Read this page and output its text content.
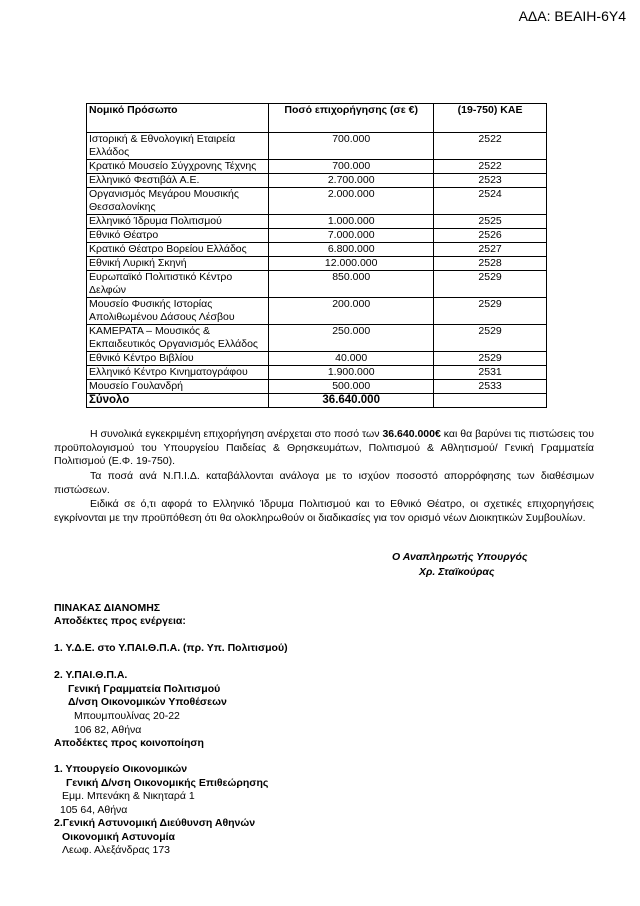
ΑΔΑ: ΒΕΑΙΗ-6Υ4
Νομικό Πρόσωπο	Ποσό επιχορήγησης (σε €)	(19-750) ΚΑΕ
Ιστορική & Εθνολογική Εταιρεία Ελλάδος	700.000	2522
Κρατικό Μουσείο Σύγχρονης Τέχνης	700.000	2522
Ελληνικό Φεστιβάλ Α.Ε.	2.700.000	2523
Οργανισμός Μεγάρου Μουσικής Θεσσαλονίκης	2.000.000	2524
Ελληνικό Ίδρυμα Πολιτισμού	1.000.000	2525
Εθνικό Θέατρο	7.000.000	2526
Κρατικό Θέατρο Βορείου Ελλάδος	6.800.000	2527
Εθνική Λυρική Σκηνή	12.000.000	2528
Ευρωπαϊκό Πολιτιστικό Κέντρο Δελφών	850.000	2529
Μουσείο Φυσικής Ιστορίας Απολιθωμένου Δάσους Λέσβου	200.000	2529
ΚΑΜΕΡΑΤΑ – Μουσικός & Εκπαιδευτικός Οργανισμός Ελλάδος	250.000	2529
Εθνικό Κέντρο Βιβλίου	40.000	2529
Ελληνικό Κέντρο Κινηματογράφου	1.900.000	2531
Μουσείο Γουλανδρή	500.000	2533
Σύνολο	36.640.000	
Η συνολικά εγκεκριμένη επιχορήγηση ανέρχεται στο ποσό των 36.640.000€ και θα βαρύνει τις πιστώσεις του προϋπολογισμού του Υπουργείου Παιδείας & Θρησκευμάτων, Πολιτισμού & Αθλητισμού/ Γενική Γραμματεία Πολιτισμού (Ε.Φ. 19-750).
Τα ποσά ανά Ν.Π.Ι.Δ. καταβάλλονται ανάλογα με το ισχύον ποσοστό απορρόφησης των διαθέσιμων πιστώσεων.
Ειδικά σε ό,τι αφορά το Ελληνικό Ίδρυμα Πολιτισμού και το Εθνικό Θέατρο, οι σχετικές επιχορηγήσεις εγκρίνονται με την προϋπόθεση ότι θα ολοκληρωθούν οι διαδικασίες για τον ορισμό νέων Διοικητικών Συμβουλίων.
Ο Αναπληρωτής Υπουργός
Χρ. Σταϊκούρας
ΠΙΝΑΚΑΣ ΔΙΑΝΟΜΗΣ
Αποδέκτες προς ενέργεια:
1. Υ.Δ.Ε. στο Υ.ΠΑΙ.Θ.Π.Α. (πρ. Υπ. Πολιτισμού)
2. Υ.ΠΑΙ.Θ.Π.Α.
Γενική Γραμματεία Πολιτισμού
Δ/νση Οικονομικών Υποθέσεων
Μπουμπουλίνας 20-22
106 82, Αθήνα
Αποδέκτες προς κοινοποίηση
1. Υπουργείο Οικονομικών
Γενική Δ/νση Οικονομικής Επιθεώρησης
Εμμ. Μπενάκη & Νικηταρά 1
105 64, Αθήνα
2.Γενική Αστυνομική Διεύθυνση Αθηνών
Οικονομική Αστυνομία
Λεωφ. Αλεξάνδρας 173
